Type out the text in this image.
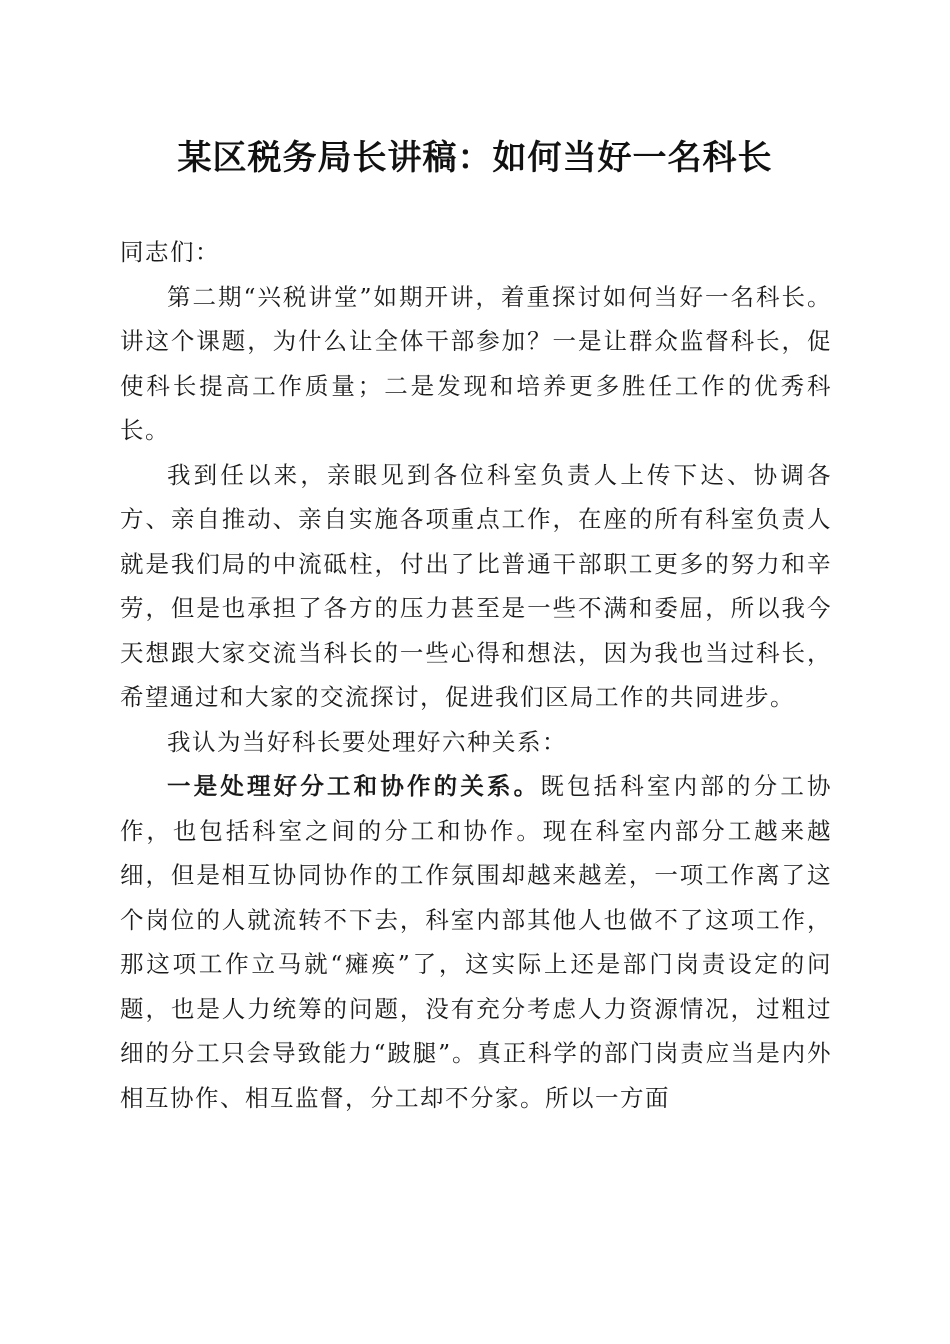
某区税务局长讲稿：如何当好一名科长

同志们：

第二期“兴税讲堂”如期开讲，着重探讨如何当好一名科长。讲这个课题，为什么让全体干部参加？一是让群众监督科长，促使科长提高工作质量；二是发现和培养更多胜任工作的优秀科长。

我到任以来，亲眼见到各位科室负责人上传下达、协调各方、亲自推动、亲自实施各项重点工作，在座的所有科室负责人就是我们局的中流砥柱，付出了比普通干部职工更多的努力和辛劳，但是也承担了各方的压力甚至是一些不满和委屈，所以我今天想跟大家交流当科长的一些心得和想法，因为我也当过科长，希望通过和大家的交流探讨，促进我们区局工作的共同进步。

我认为当好科长要处理好六种关系：

一是处理好分工和协作的关系。既包括科室内部的分工协作，也包括科室之间的分工和协作。现在科室内部分工越来越细，但是相互协同协作的工作氛围却越来越差，一项工作离了这个岗位的人就流转不下去，科室内部其他人也做不了这项工作，那这项工作立马就“瘫痪”了，这实际上还是部门岗责设定的问题，也是人力统筹的问题，没有充分考虑人力资源情况，过粗过细的分工只会导致能力“跛腿”。真正科学的部门岗责应当是内外相互协作、相互监督，分工却不分家。所以一方面
